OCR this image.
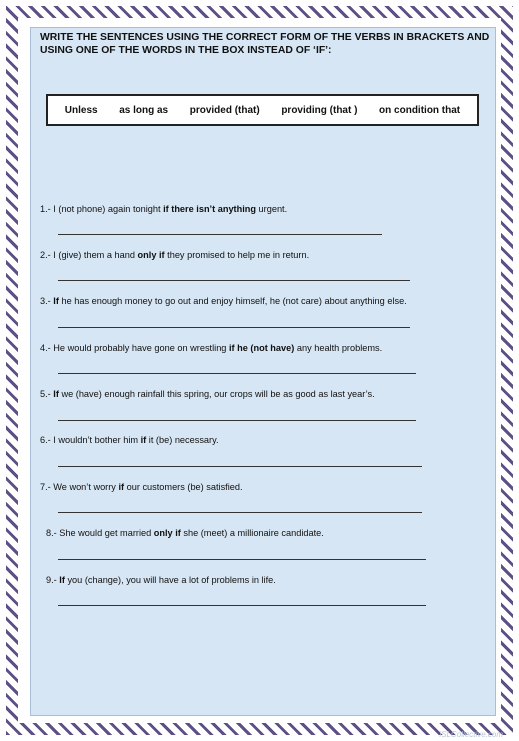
WRITE THE SENTENCES USING THE CORRECT FORM OF THE VERBS IN BRACKETS AND USING ONE OF THE WORDS IN THE BOX INSTEAD OF ‘IF’:

Unless as long as provided (that) providing (that ) on condition that
1.- I (not phone) again tonight if there isn’t anything urgent.
2.- I (give) them a hand only if they promised to help me in return.
3.- If he has enough money to go out and enjoy himself, he (not care) about anything else.
4.- He would probably have gone on wrestling if he (not have) any health problems.
5.- If we (have) enough rainfall this spring, our crops will be as good as last year’s.
6.- I wouldn’t bother him if it (be) necessary.
7.- We won’t worry if our customers (be) satisfied.
8.- She would get married only if she (meet) a millionaire candidate.
9.- If you (change), you will have a lot of problems in life.
iSLCollective.com
